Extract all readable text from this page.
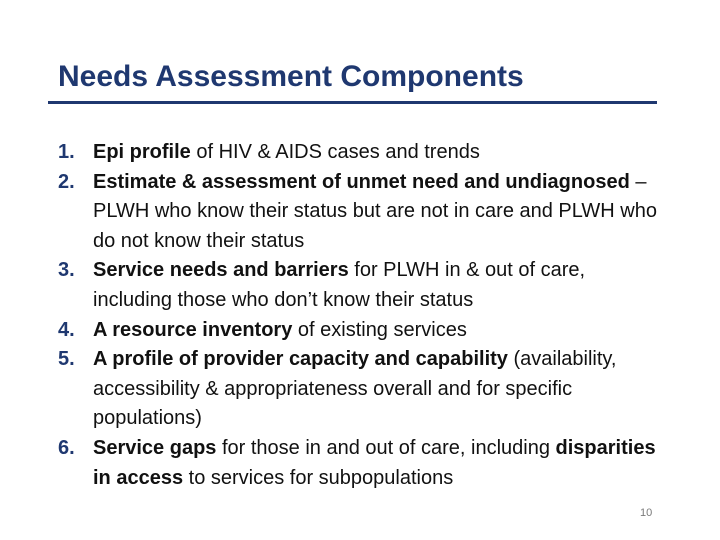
Needs Assessment Components
1. Epi profile of HIV & AIDS cases and trends
2. Estimate & assessment of unmet need and undiagnosed – PLWH who know their status but are not in care and PLWH who do not know their status
3. Service needs and barriers for PLWH in & out of care, including those who don’t know their status
4. A resource inventory of existing services
5. A profile of provider capacity and capability (availability, accessibility & appropriateness overall and for specific populations)
6. Service gaps for those in and out of care, including disparities in access to services for subpopulations
10
